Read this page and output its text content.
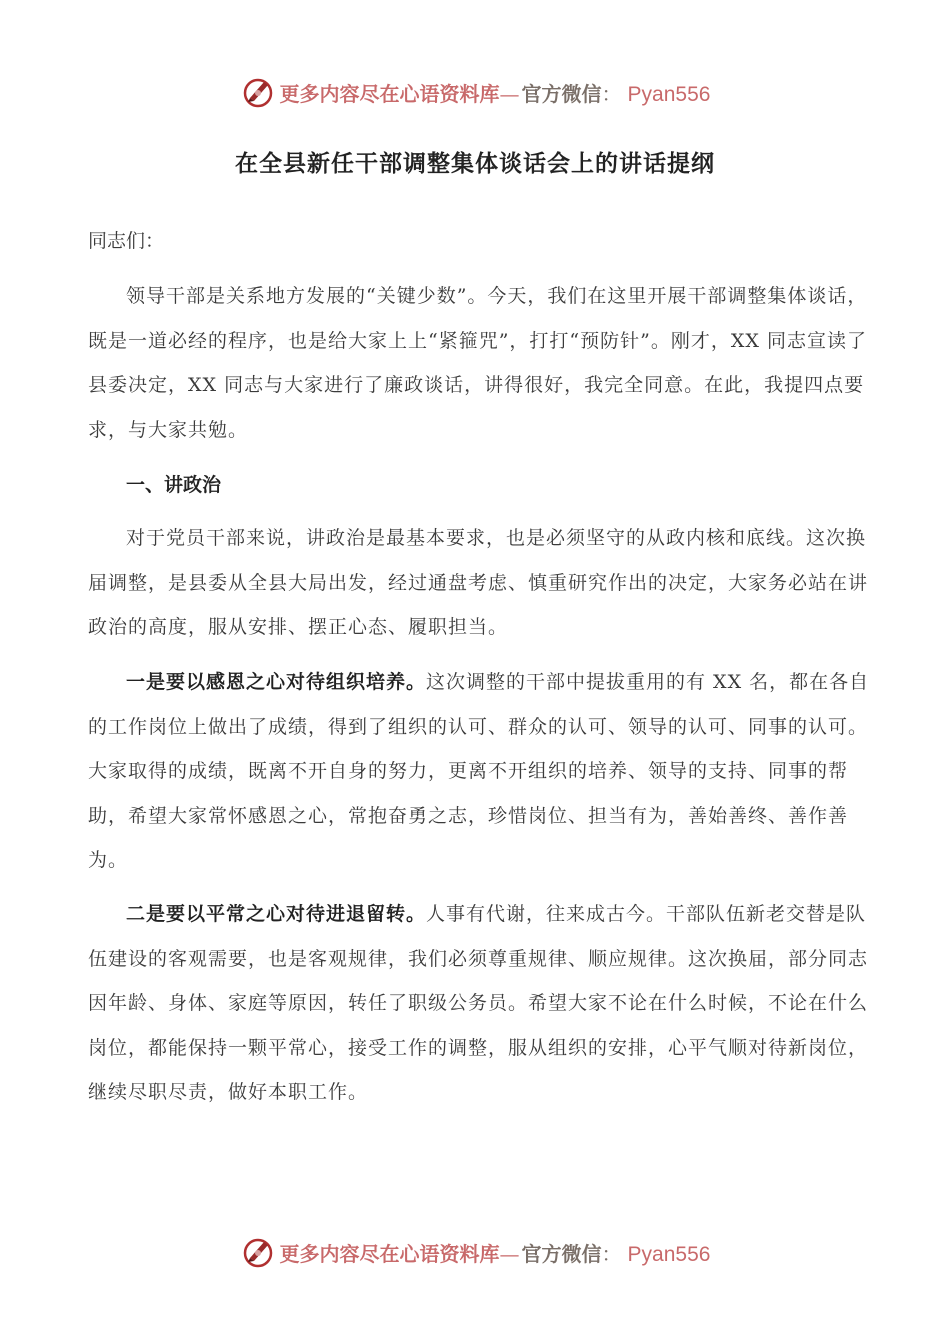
更多内容尽在心语资料库 — 官方微信 ： Pyan556
在全县新任干部调整集体谈话会上的讲话提纲
同志们：

领导干部是关系地方发展的“关键少数”。今天，我们在这里开展干部调整集体谈话，既是一道必经的程序，也是给大家上上“紧箍咒”，打打“预防针”。刚才，XX 同志宣读了县委决定，XX 同志与大家进行了廉政谈话，讲得很好，我完全同意。在此，我提四点要求，与大家共勉。

一、讲政治

对于党员干部来说，讲政治是最基本要求，也是必须坚守的从政内核和底线。这次换届调整，是县委从全县大局出发，经过通盘考虑、慎重研究作出的决定，大家务必站在讲政治的高度，服从安排、摆正心态、履职担当。

一是要以感恩之心对待组织培养。这次调整的干部中提拔重用的有 XX 名，都在各自的工作岗位上做出了成绩，得到了组织的认可、群众的认可、领导的认可、同事的认可。大家取得的成绩，既离不开自身的努力，更离不开组织的培养、领导的支持、同事的帮助，希望大家常怀感恩之心，常抱奋勇之志，珍惜岗位、担当有为，善始善终、善作善为。

二是要以平常之心对待进退留转。人事有代谢，往来成古今。干部队伍新老交替是队伍建设的客观需要，也是客观规律，我们必须尊重规律、顺应规律。这次换届，部分同志因年龄、身体、家庭等原因，转任了职级公务员。希望大家不论在什么时候，不论在什么岗位，都能保持一颗平常心，接受工作的调整，服从组织的安排，心平气顺对待新岗位，继续尽职尽责，做好本职工作。

更多内容尽在心语资料库 — 官方微信 ： Pyan556
